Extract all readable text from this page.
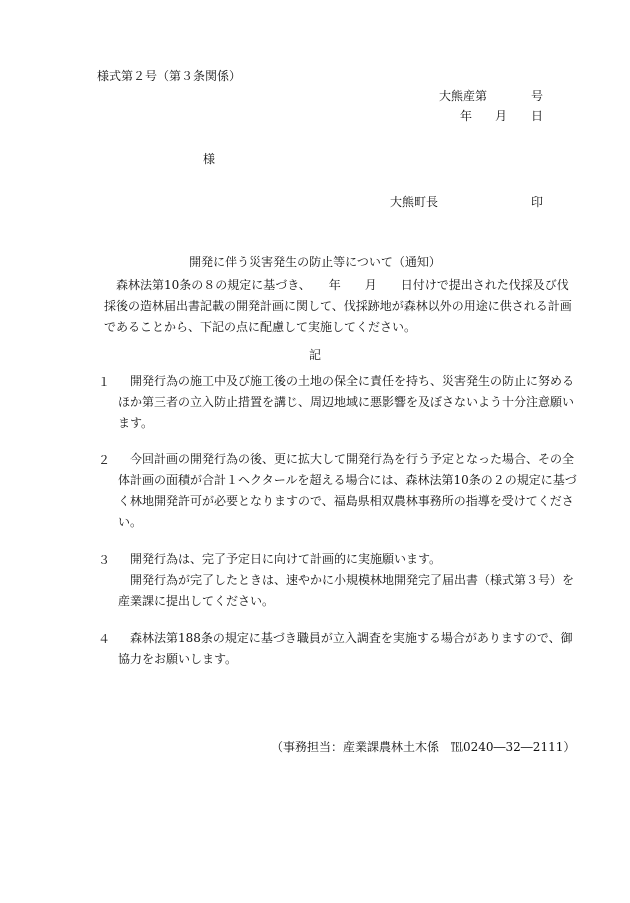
様式第２号（第３条関係）
大熊産第	号
年 月 日
様
大熊町長	印
開発に伴う災害発生の防止等について（通知）
森林法第10条の８の規定に基づき、　　年　　月　　日付けで提出された伐採及び伐
採後の造林届出書記載の開発計画に関して、伐採跡地が森林以外の用途に供される計画
であることから、下記の点に配慮して実施してください。
記
１	開発行為の施工中及び施工後の土地の保全に責任を持ち、災害発生の防止に努める
ほか第三者の立入防止措置を講じ、周辺地域に悪影響を及ぼさないよう十分注意願い
ます。
２	今回計画の開発行為の後、更に拡大して開発行為を行う予定となった場合、その全
体計画の面積が合計１ヘクタールを超える場合には、森林法第10条の２の規定に基づ
く林地開発許可が必要となりますので、福島県相双農林事務所の指導を受けてくださ
い。
３	開発行為は、完了予定日に向けて計画的に実施願います。
開発行為が完了したときは、速やかに小規模林地開発完了届出書（様式第３号）を
産業課に提出してください。
４	森林法第188条の規定に基づき職員が立入調査を実施する場合がありますので、御
協力をお願いします。
（事務担当：産業課農林土木係　℡0240―32―2111）
